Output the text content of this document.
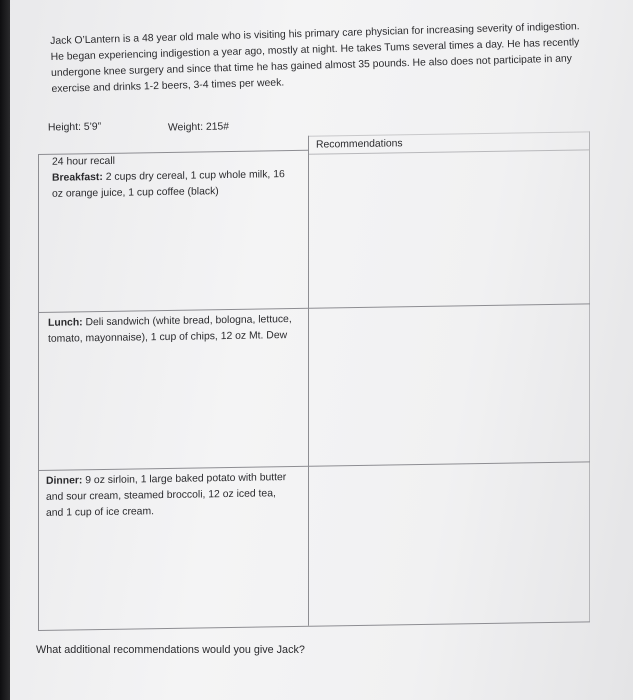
Jack O’Lantern is a 48 year old male who is visiting his primary care physician for increasing severity of indigestion. He began experiencing indigestion a year ago, mostly at night. He takes Tums several times a day. He has recently undergone knee surgery and since that time he has gained almost 35 pounds. He also does not participate in any exercise and drinks 1-2 beers, 3-4 times per week.
Height: 5’9”	Weight: 215#
Recommendations
24 hour recall
Breakfast: 2 cups dry cereal, 1 cup whole milk, 16 oz orange juice, 1 cup coffee (black)
Lunch: Deli sandwich (white bread, bologna, lettuce, tomato, mayonnaise), 1 cup of chips, 12 oz Mt. Dew
Dinner: 9 oz sirloin, 1 large baked potato with butter and sour cream, steamed broccoli, 12 oz iced tea, and 1 cup of ice cream.
What additional recommendations would you give Jack?
